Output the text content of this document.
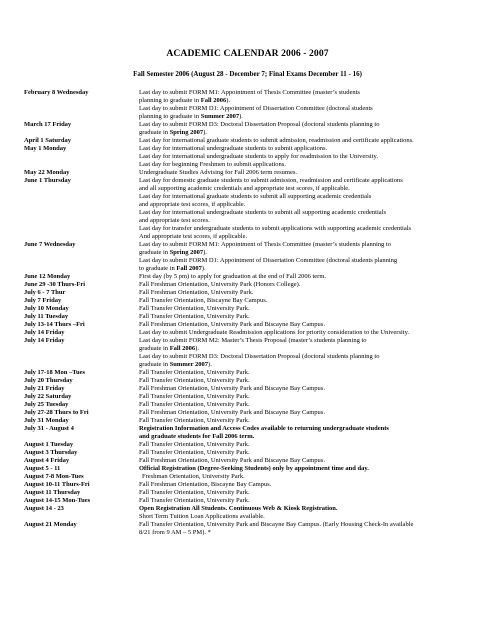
ACADEMIC CALENDAR 2006 - 2007
Fall Semester 2006 (August 28 - December 7; Final Exams December 11 - 16)
February 8 Wednesday	Last day to submit FORM M1: Appointment of Thesis Committee (master’s students
planning to graduate in Fall 2006).
Last day to submit FORM D1: Appointment of Dissertation Committee (doctoral students
planning to graduate in Summer 2007).
March 17 Friday	Last day to submit FORM D3: Doctoral Dissertation Proposal (doctoral students planning to
graduate in Spring 2007).
April 1 Saturday	Last day for international graduate students to submit admission, readmission and certificate applications.
May 1 Monday	Last day for international undergraduate students to submit applications.
Last day for international undergraduate students to apply for readmission to the University.
Last day for beginning Freshmen to submit applications.
May 22 Monday	Undergraduate Studies Advising for Fall 2006 term resumes.
June 1 Thursday	Last day for domestic graduate students to submit admission, readmission and certificate applications
and all supporting academic credentials and appropriate test scores, if applicable.
Last day for international graduate students to submit all supporting academic credentials
and appropriate test scores, if applicable.
Last day for international undergraduate students to submit all supporting academic credentials
and appropriate test scores.
Last day for transfer undergraduate students to submit applications with supporting academic credentials
And appropriate test scores, if applicable.
June 7 Wednesday	Last day to submit FORM M1: Appointment of Thesis Committee (master’s students planning to
graduate in Spring 2007).
Last day to submit FORM D1: Appointment of Dissertation Committee (doctoral students planning
to graduate in Fall 2007).
June 12 Monday	First day (by 5 pm) to apply for graduation at the end of Fall 2006 term.
June 29 -30 Thurs-Fri	Fall Freshman Orientation, University Park (Honors College).
July 6 - 7 Thur	Fall Freshman Orientation, University Park.
July 7 Friday	Fall Transfer Orientation, Biscayne Bay Campus.
July 10 Monday	Fall Transfer Orientation, University Park.
July 11 Tuesday	Fall Transfer Orientation, University Park.
July 13-14 Thurs –Fri	Fall Freshman Orientation, University Park and Biscayne Bay Campus.
July 14 Friday	Last day to submit Undergraduate Readmission applications for priority consideration to the University.
July 14 Friday	Last day to submit FORM M2: Master’s Thesis Proposal (master’s students planning to
graduate in Fall 2006).
Last day to submit FORM D3: Doctoral Dissertation Proposal (doctoral students planning to
graduate in Summer 2007).
July 17-18 Mon –Tues	Fall Transfer Orientation, University Park.
July 20 Thursday	Fall Transfer Orientation, University Park.
July 21 Friday	Fall Freshman Orientation, University Park and Biscayne Bay Campus.
July 22 Saturday	Fall Transfer Orientation, University Park.
July 25 Tuesday	Fall Transfer Orientation, University Park.
July 27-28 Thurs to Fri	Fall Freshman Orientation, University Park and Biscayne Bay Campus.
July 31 Monday	Fall Transfer Orientation, University Park.
July 31 - August 4	Registration Information and Access Codes available to returning undergraduate students
and graduate students for Fall 2006 term.
August 1 Tuesday	Fall Transfer Orientation, University Park.
August 3 Thursday	Fall Transfer Orientation, University Park.
August 4 Friday	Fall Freshman Orientation, University Park and Biscayne Bay Campus.
August 5 - 11	Official Registration (Degree-Seeking Students) only by appointment time and day.
August 7-8 Mon-Tues	Freshman Orientation, University Park.
August 10-11 Thurs-Fri	Fall Freshman Orientation, Biscayne Bay Campus.
August 11 Thursday	Fall Transfer Orientation, University Park.
August 14-15 Mon-Tues	Fall Transfer Orientation, University Park.
August 14 - 23	Open Registration All Students. Continuous Web & Kiosk Registration.
Short Term Tuition Loan Applications available.
August 21 Monday	Fall Transfer Orientation, University Park and Biscayne Bay Campus. (Early Housing Check-In available
8/21 from 9 AM – 5 PM). *
